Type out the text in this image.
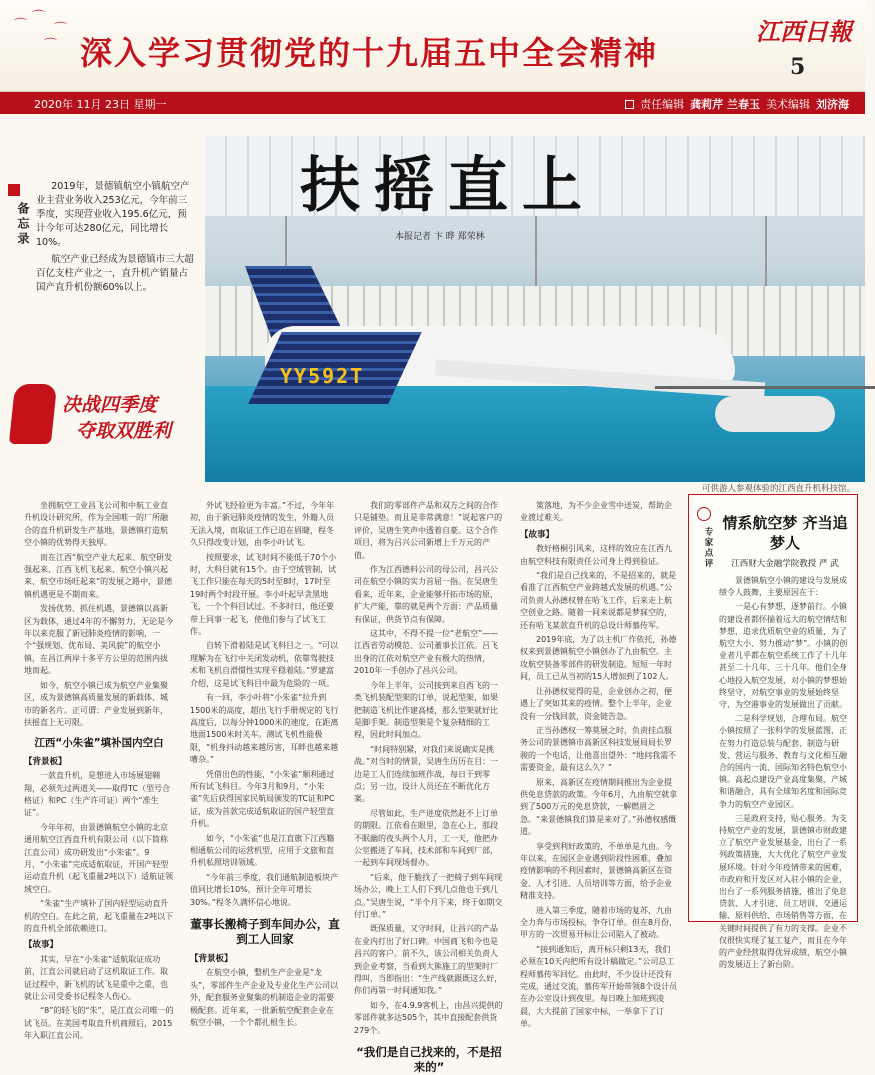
⌒
⌒
⌒
⌒ 深入学习贯彻党的十九届五中全会精神
江西日報
5
2020年 11月 23日 星期一	责任编辑 龚莉芹 兰春玉 美术编辑 刘济海
备忘录

2019年，景德镇航空小镇航空产业主营业务收入253亿元，今年前三季度，实现营业收入195.6亿元，预计今年可达280亿元，同比增长10%。

航空产业已经成为景德镇市三大超百亿支柱产业之一，直升机产销量占国产直升机份额60%以上。

决战四季度
夺取双胜利
YY592T
扶摇直上
本报记者 卞 晔 郑荣林
可供游人参观体验的江西直升机科技馆。

坐拥航空工业昌飞公司和中航工业直升机设计研究所，作为全国唯一的厂所融合的直升机研发生产基地，景德镇打造航空小镇的优势得天独厚。

而在江西“航空产业大起来、航空研发强起来、江西飞机飞起来、航空小镇兴起来、航空市场旺起来”的发展之路中，景德镇机遇更是不期而来。

发扬优势、抓住机遇，景德镇以高新区为载体，通过4年的不懈努力，无论是今年以来克服了新冠肺炎疫情的影响，一个“强规划、优布局、美风貌”的航空小镇，在昌江两岸十多平方公里的范围内拔地而起。

如今，航空小镇已成为航空产业集聚区，成为景德镇高质量发展的新载体、城市的新名片。正可谓：产业发展到新年，扶摇直上无可限。

江西“小朱雀”填补国内空白
【背景板】

一款直升机，是想进入市场展翅翱翔，必须先过两道关——取得TC（型号合格证）和PC（生产许可证）两个“准生证”。

今年年初，由景德镇航空小镇的北京通用航空江西直升机有限公司（以下简称江直公司）成功研发出“小朱雀”。9月，“小朱雀”完成适航取证，开国产轻型运动直升机（起飞重量2吨以下）适航证领域空白。

“朱雀”生产填补了国内轻型运动直升机的空白。在此之前，起飞重量在2吨以下的直升机全部依赖进口。

【故事】

其实，早在“小朱雀”适航取证成功前，江直公司就启动了这机取证工作。取证过程中，新飞机的试飞是重中之重，也就让公司受委书记程冬人伤心。

“8”的轻飞的“朱”，是江直公司唯一的试飞员。在美国考取直升机商照后，2015年入职江直公司。

外试飞经验更为丰富。”不过，今年年初，由于新冠肺炎疫情的发生，外籍人员无法入境，而取证工作已迫在眉睫，程冬久只得改变计划，由李小叶试飞。

按照要求，试飞时间不能低于70个小时，大科目就有15个。由于空域管制，试飞工作只能在每天的5时至8时，17时至19时两个时段开展。李小叶起早贪黑地飞，一个个科目试过。不多时日，他还要带上同事一起飞，使他们参与了试飞工作。

自转下滑着陆是试飞科目之一。“可以理解为在飞行中关闭发动机，依靠驾驶技术和飞机自滑惯性实现平稳着陆。”罗建富介绍，这是试飞科目中最为危险的一项。

有一回，李小叶将“小朱雀”拉升到1500米的高度，超出飞行手册规定的飞行高度后，以每分钟1000米的速度，在距离地面1500米时关车。测试飞机性能极限，“机身抖动越来越厉害，耳畔也越来越嘈杂。”

凭借出色的性能，“小朱雀”顺利通过所有试飞科目。今年3月和9月，“小朱雀”先后获得国家民航局颁发的TC证和PC证，成为首款完成适航取证的国产轻型直升机。

如今，“小朱雀”也是江直旗下江西籍相通航公司的运营机型，应用于文旅和直升机私照培训领域。

“今年前三季度，我们通航制造板块产值同比增长10%，预计全年可增长30%。”程冬久满怀信心地说。

董事长搬椅子到车间办公，直到工人回家
【背景板】

在航空小镇，整机生产企业是“龙头”，零部件生产企业及专业化生产公司以外，配套服务业聚集的机制造企业的需要极配套。近年来，一批新航空配套企业在航空小镇，一个个都扎根生长。

我们的零部件产品和双方之间的合作只是铺垫。而且是非常满意！”说起客户的评价，吴唐生笑声中透着自豪。这个合作项目，将为吕兴公司新增上千万元的产值。

作为江西德料公司的母公司，昌兴公司在航空小镇的实力首屈一指。在吴唐生看来，近年来，企业能够开拓市场的原，扩大产能，靠的就是两个方面：产品质量有保证，供货节点有保障。

这其中，不得不提一位“老航空”——江西省劳动模范、公司董事长江依。吕飞出身的江依对航空产业有极大的热情，2010年一手创办了昌兴公司。

今年上半年，公司接到来自西飞的一类飞机装配型架的订单，说起型架，如果把制造飞机比作建高楼，那么型架就好比是脚手架。制造型架是个复杂精细的工程，因此时间加点。

“时间特别紧，对我们来说确实是挑战。”对当时的情景，吴唐生历历在目：一边是工人们连续加班作战，每日干到零点；另一边，设计人员还在不断优化方案。

尽管如此，生产进度依然赶不上订单的期限。江依看在眼里，急在心上，那段不眠幽的夜头两个人月，工一天，他把办公室搬进了车间，技术部和车间到厂部，一起到车间现场督办。

“后来，他干脆找了一把椅子到车间现场办公，晚上工人们下到几点他也干到几点。”吴唐生说，“半个月下来，终于如期交付订单。”

既保质量，又守时间，让昌兴的产品在业内打出了好口碑。中国商飞和今也是昌兴的客户。前不久，该公司相关负责人到企业考察，当看到大熊施工的型架时厂得叫，当即指出：“生产线就跟既这么好，你们再第一时间通知我。”

如今，在4.9.9客机上，由昌兴提供的零部件就多达505个，其中直接配套供货279个。

“我们是自己找来的，不是招来的”

策落地，为不少企业雪中送炭，帮助企业渡过难关。

【故事】

教好格桐引风来，这样的效应在江西九由航空科技有限责任公司身上得到验证。

“我们是自己找来的，不是招来的，就是看准了江西航空产业跨越式发展的机遇。”公司负责人孙德权曾在哈飞工作，后来走上航空创业之路。随着一间来说都是梦寐空的，还有哈飞某款直升机的总设计师慕传军。

2019年底，为了以主机厂作依托，孙德权来到景德镇航空小镇创办了九由航空。主攻航空装备零部件的研发制造。短短一年时间，员工已从当初的15人增加到了102人。

让孙德权觉得的是，企业创办之初，便遇上了突如其来的疫情。整个上半年，企业没有一分钱回款，资金链告急。

正当孙德权一筹莫展之时，负责挂点服务公司的景德镇市高新区科技发展局局长罗骏的一个电话，让他喜出望外：“地问我需不需要资金，最有这么久？”

原来，高新区在疫情期间推出为企业提供免息贷款的政策。今年6月，九由航空就拿到了500万元的免息贷款，一解燃眉之急。“来景德镇我们算是来对了。”孙德权感慨道。

享受到利好政策的，不单单是九由。今年以来，在园区企业遇到阶段性困难，叠加疫情影响的不利因素时，景德镇高新区在资金、人才引进、人员培训等方面，给予企业精准支持。

进入第三季度，随着市场的复苏，九由全力奔与市场投标，争夺订单。但在8月份，甲方的一次贸易开标让公司陷入了被动。

“接到通知后，离开标只剩13天，我们必须在10天内把所有设计稿做定。”公司总工程师慕传军回忆。由此时，不少设计还没有完成，通过交流，慕传军开始带领8个设计员在办公室设计到夜里。每日晚上加班到凌晨，大大提前了国家中标，一举拿下了订单。

专家点评
情系航空梦 齐当追梦人
江西财大金融学院教授 严 武

景德镇航空小镇的建设与发展成绩令人鼓舞，主要原因在于：

一是心有梦想，逐梦前行。小镇的建设者都怀揣着远大的航空情结和梦想，追求优质航空业的质量，为了航空大小、努力推动“梦”。小镇的创业者几乎都在航空系统工作了十几年甚至二十几年、三十几年。他们全身心地投入航空发展，对小镇的梦想始终坚守，对航空事业的发展始终坚守，为空港事业的发展做出了贡献。

二是科学规划，合理布局。航空小镇按照了一张科学的发展蓝图，正在努力打造总装与配套、制造与研发、营运与服务、教育与文化相互融合的国内一流、国际知名特色航空小镇。高起点建设产业高度集聚、产城和谐融合，具有全球知名度和国际竞争力的航空产业园区。

三是政府支持，贴心服务。为支持航空产业的发展，景德镇市财政建立了航空产业发展基金，出台了一系列政策措施，大大优化了航空产业发展环境。针对今年疫情带来的困难，市政府和开发区对入驻小镇的企业，出台了一系列服务措施，推出了免息贷款、人才引进、员工培训、交通运输、原料供给、市场销售等方面，在关键时间提供了有力的支撑。企业不仅很快实现了复工复产，而且在今年的产业经营取得优异成绩，航空小镇的发展迈上了新台阶。
